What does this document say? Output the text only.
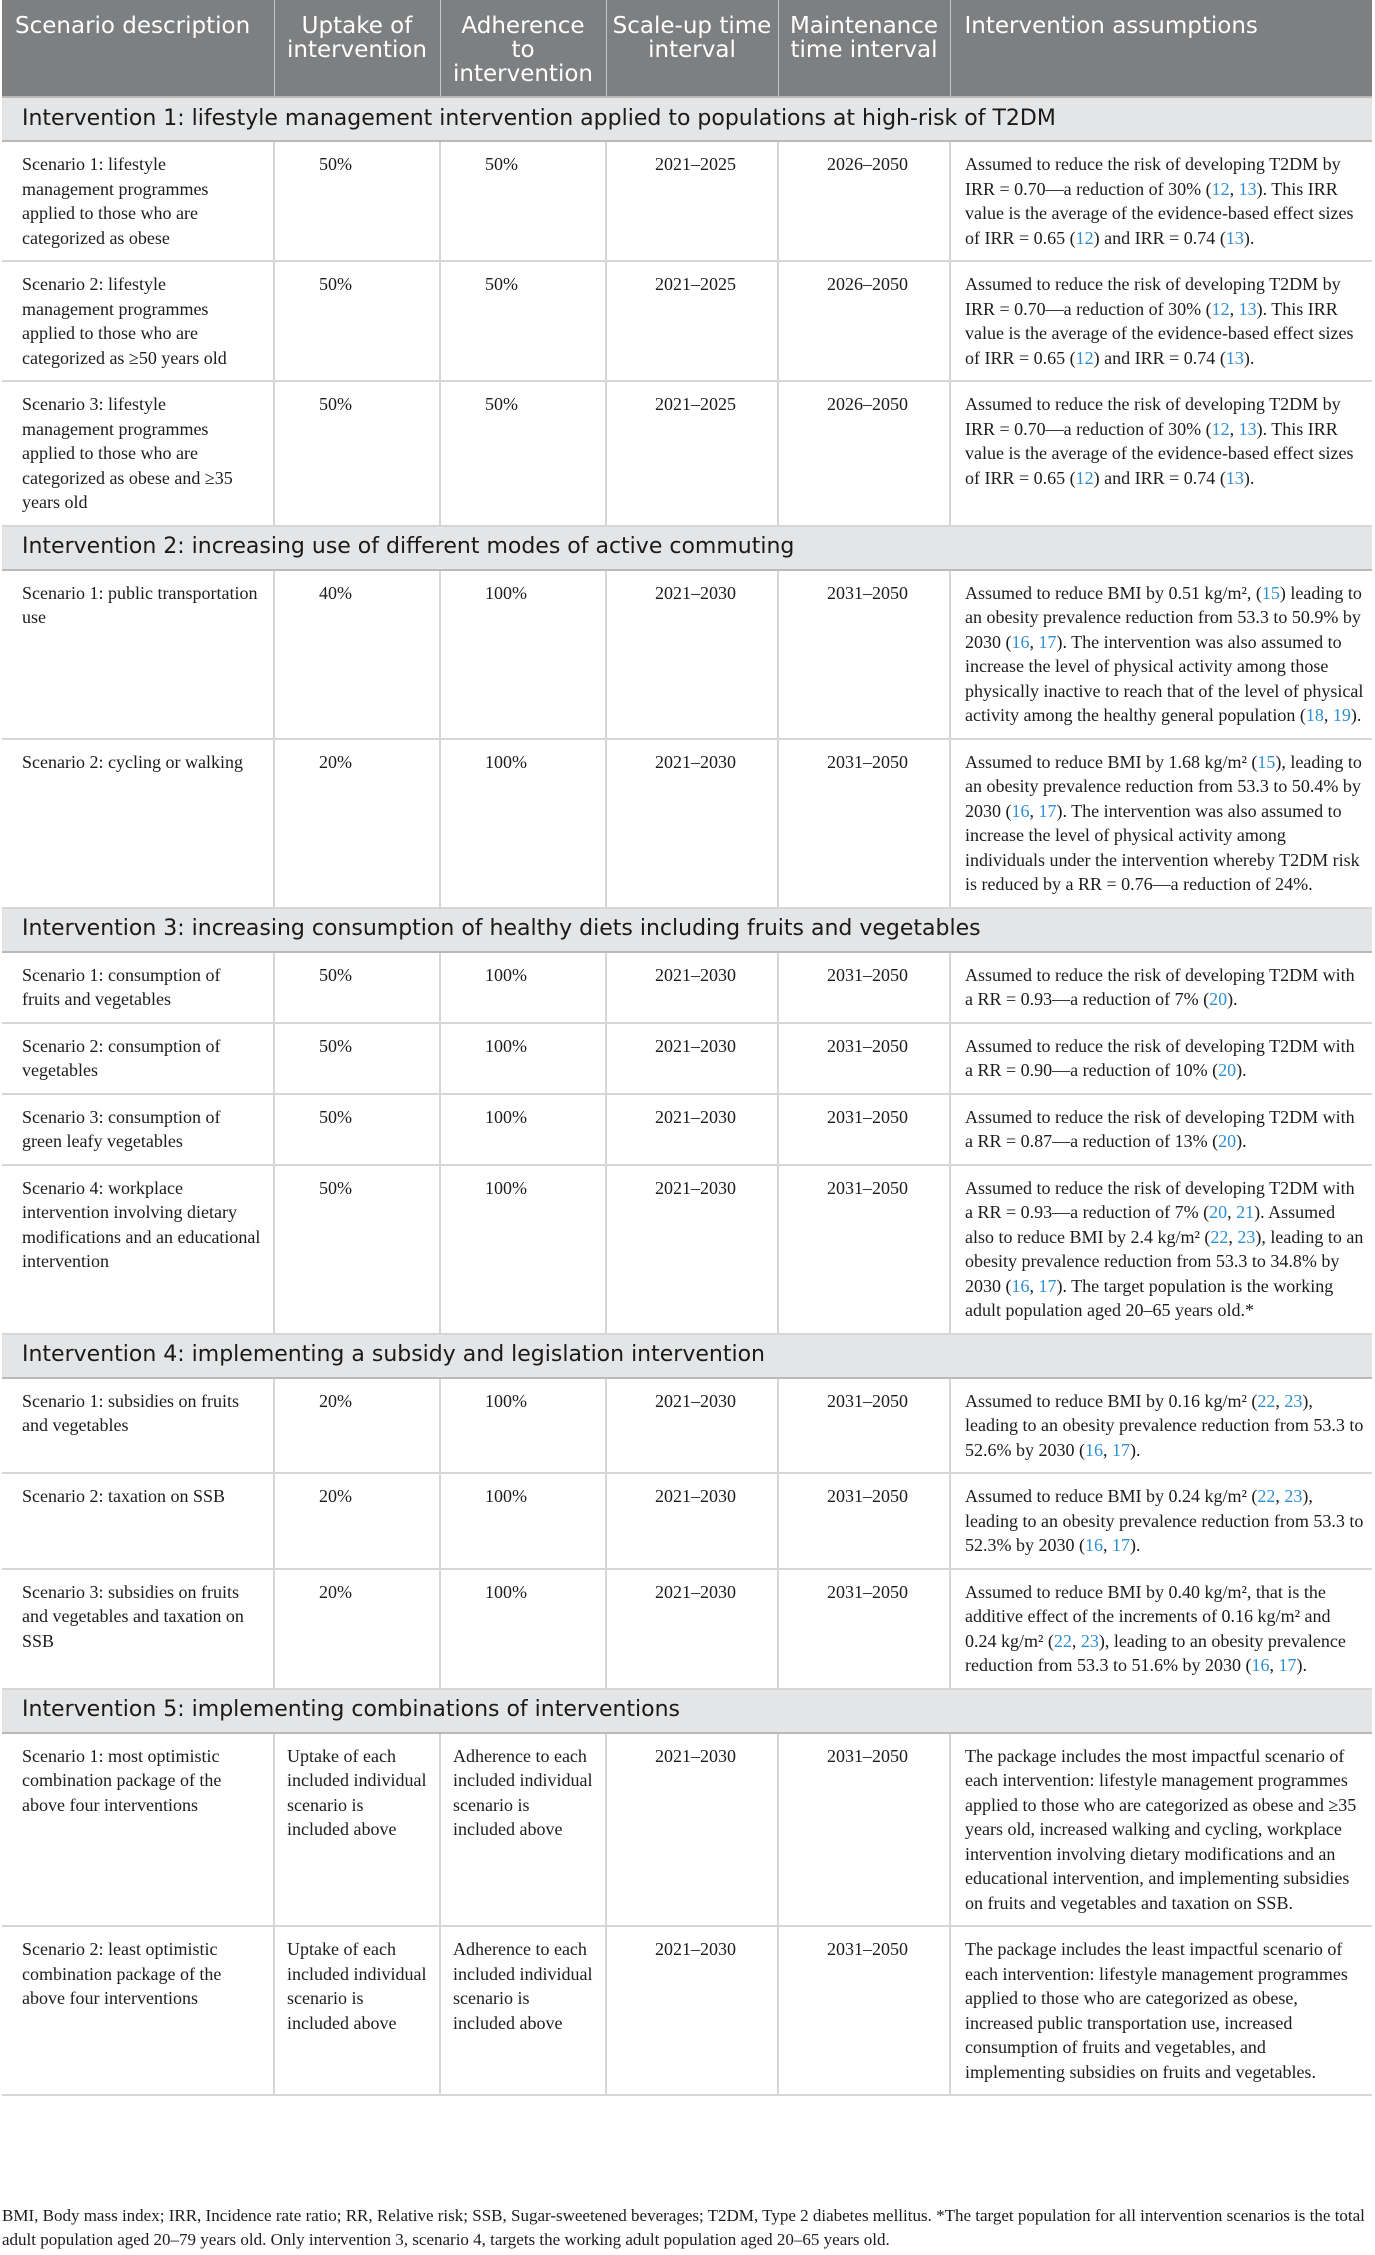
Scenario description	Uptake of intervention	Adherence to intervention	Scale-up time interval	Maintenance time interval	Intervention assumptions
Intervention 1: lifestyle management intervention applied to populations at high-risk of T2DM					
Scenario 1: lifestyle management programmes applied to those who are categorized as obese	50%	50%	2021–2025	2026–2050	Assumed to reduce the risk of developing T2DM by IRR = 0.70—a reduction of 30% (12, 13). This IRR value is the average of the evidence-based effect sizes of IRR = 0.65 (12) and IRR = 0.74 (13).
Scenario 2: lifestyle management programmes applied to those who are categorized as ≥50 years old	50%	50%	2021–2025	2026–2050	Assumed to reduce the risk of developing T2DM by IRR = 0.70—a reduction of 30% (12, 13). This IRR value is the average of the evidence-based effect sizes of IRR = 0.65 (12) and IRR = 0.74 (13).
Scenario 3: lifestyle management programmes applied to those who are categorized as obese and ≥35 years old	50%	50%	2021–2025	2026–2050	Assumed to reduce the risk of developing T2DM by IRR = 0.70—a reduction of 30% (12, 13). This IRR value is the average of the evidence-based effect sizes of IRR = 0.65 (12) and IRR = 0.74 (13).
Intervention 2: increasing use of different modes of active commuting					
Scenario 1: public transportation use	40%	100%	2021–2030	2031–2050	Assumed to reduce BMI by 0.51 kg/m², (15) leading to an obesity prevalence reduction from 53.3 to 50.9% by 2030 (16, 17). The intervention was also assumed to increase the level of physical activity among those physically inactive to reach that of the level of physical activity among the healthy general population (18, 19).
Scenario 2: cycling or walking	20%	100%	2021–2030	2031–2050	Assumed to reduce BMI by 1.68 kg/m² (15), leading to an obesity prevalence reduction from 53.3 to 50.4% by 2030 (16, 17). The intervention was also assumed to increase the level of physical activity among individuals under the intervention whereby T2DM risk is reduced by a RR = 0.76—a reduction of 24%.
Intervention 3: increasing consumption of healthy diets including fruits and vegetables					
Scenario 1: consumption of fruits and vegetables	50%	100%	2021–2030	2031–2050	Assumed to reduce the risk of developing T2DM with a RR = 0.93—a reduction of 7% (20).
Scenario 2: consumption of vegetables	50%	100%	2021–2030	2031–2050	Assumed to reduce the risk of developing T2DM with a RR = 0.90—a reduction of 10% (20).
Scenario 3: consumption of green leafy vegetables	50%	100%	2021–2030	2031–2050	Assumed to reduce the risk of developing T2DM with a RR = 0.87—a reduction of 13% (20).
Scenario 4: workplace intervention involving dietary modifications and an educational intervention	50%	100%	2021–2030	2031–2050	Assumed to reduce the risk of developing T2DM with a RR = 0.93—a reduction of 7% (20, 21). Assumed also to reduce BMI by 2.4 kg/m² (22, 23), leading to an obesity prevalence reduction from 53.3 to 34.8% by 2030 (16, 17). The target population is the working adult population aged 20–65 years old.*
Intervention 4: implementing a subsidy and legislation intervention					
Scenario 1: subsidies on fruits and vegetables	20%	100%	2021–2030	2031–2050	Assumed to reduce BMI by 0.16 kg/m² (22, 23), leading to an obesity prevalence reduction from 53.3 to 52.6% by 2030 (16, 17).
Scenario 2: taxation on SSB	20%	100%	2021–2030	2031–2050	Assumed to reduce BMI by 0.24 kg/m² (22, 23), leading to an obesity prevalence reduction from 53.3 to 52.3% by 2030 (16, 17).
Scenario 3: subsidies on fruits and vegetables and taxation on SSB	20%	100%	2021–2030	2031–2050	Assumed to reduce BMI by 0.40 kg/m², that is the additive effect of the increments of 0.16 kg/m² and 0.24 kg/m² (22, 23), leading to an obesity prevalence reduction from 53.3 to 51.6% by 2030 (16, 17).
Intervention 5: implementing combinations of interventions					
Scenario 1: most optimistic combination package of the above four interventions	Uptake of each included individual scenario is included above	Adherence to each included individual scenario is included above	2021–2030	2031–2050	The package includes the most impactful scenario of each intervention: lifestyle management programmes applied to those who are categorized as obese and ≥35 years old, increased walking and cycling, workplace intervention involving dietary modifications and an educational intervention, and implementing subsidies on fruits and vegetables and taxation on SSB.
Scenario 2: least optimistic combination package of the above four interventions	Uptake of each included individual scenario is included above	Adherence to each included individual scenario is included above	2021–2030	2031–2050	The package includes the least impactful scenario of each intervention: lifestyle management programmes applied to those who are categorized as obese, increased public transportation use, increased consumption of fruits and vegetables, and implementing subsidies on fruits and vegetables.
BMI, Body mass index; IRR, Incidence rate ratio; RR, Relative risk; SSB, Sugar-sweetened beverages; T2DM, Type 2 diabetes mellitus. *The target population for all intervention scenarios is the total adult population aged 20–79 years old. Only intervention 3, scenario 4, targets the working adult population aged 20–65 years old.
